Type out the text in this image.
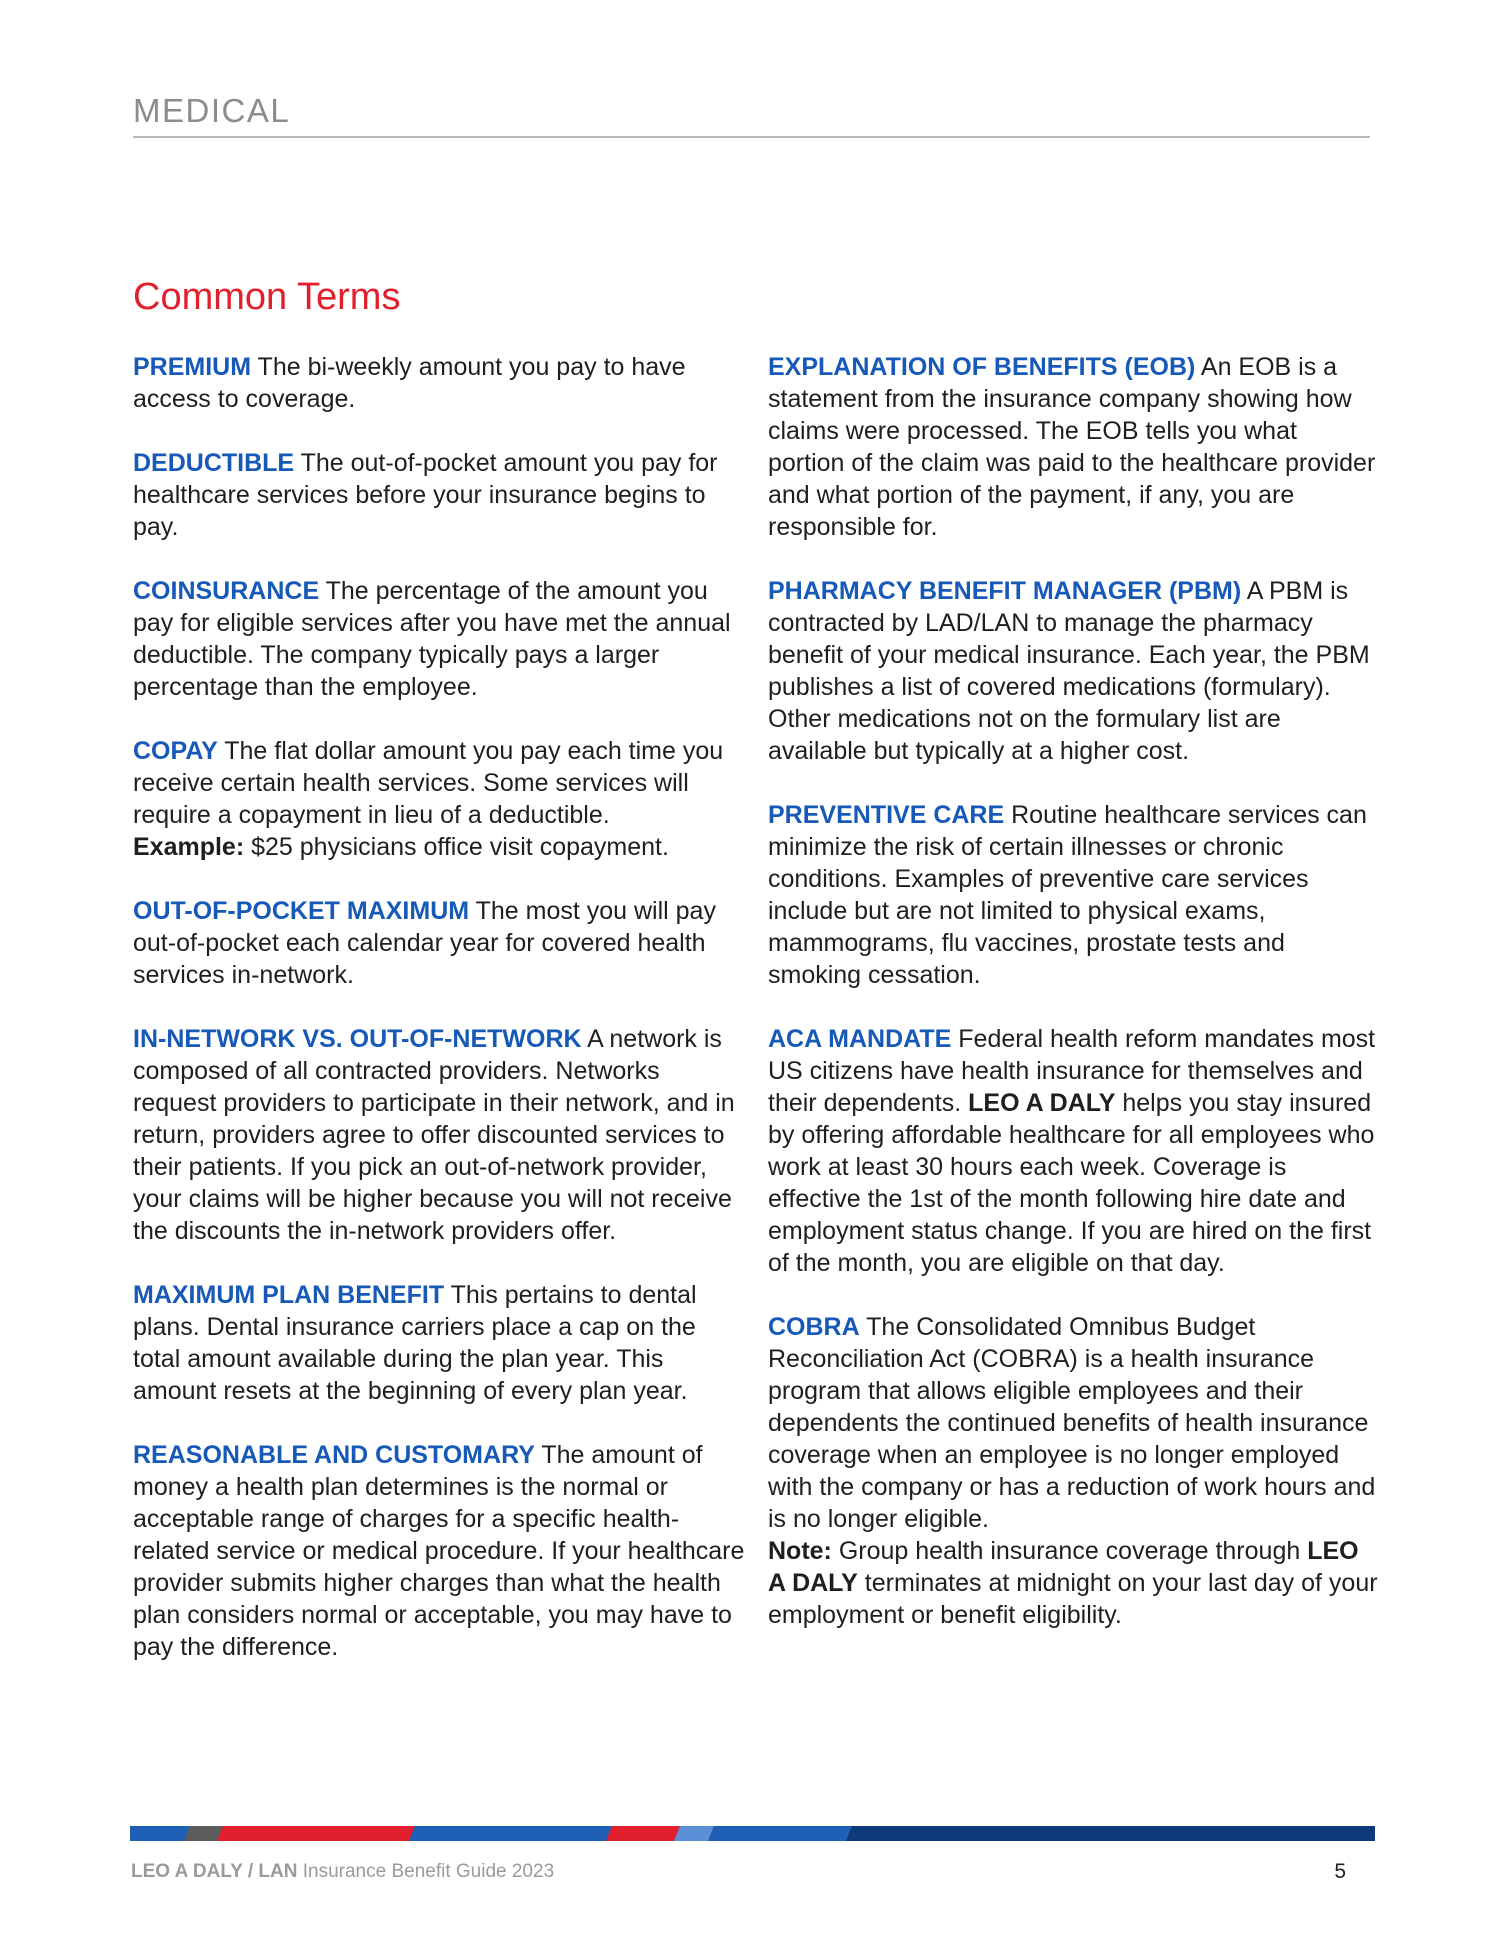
MEDICAL
Common Terms

PREMIUM The bi-weekly amount you pay to have access to coverage.

DEDUCTIBLE The out-of-pocket amount you pay for healthcare services before your insurance begins to pay.

COINSURANCE The percentage of the amount you pay for eligible services after you have met the annual deductible. The company typically pays a larger percentage than the employee.

COPAY The flat dollar amount you pay each time you receive certain health services. Some services will require a copayment in lieu of a deductible.
Example: $25 physicians office visit copayment.

OUT-OF-POCKET MAXIMUM The most you will pay out-of-pocket each calendar year for covered health services in-network.

IN-NETWORK VS. OUT-OF-NETWORK A network is composed of all contracted providers. Networks request providers to participate in their network, and in return, providers agree to offer discounted services to their patients. If you pick an out-of-network provider, your claims will be higher because you will not receive the discounts the in-network providers offer.

MAXIMUM PLAN BENEFIT This pertains to dental plans. Dental insurance carriers place a cap on the total amount available during the plan year. This amount resets at the beginning of every plan year.

REASONABLE AND CUSTOMARY The amount of money a health plan determines is the normal or acceptable range of charges for a specific health-related service or medical procedure. If your healthcare provider submits higher charges than what the health plan considers normal or acceptable, you may have to pay the difference.

EXPLANATION OF BENEFITS (EOB) An EOB is a statement from the insurance company showing how claims were processed. The EOB tells you what portion of the claim was paid to the healthcare provider and what portion of the payment, if any, you are responsible for.

PHARMACY BENEFIT MANAGER (PBM) A PBM is contracted by LAD/LAN to manage the pharmacy benefit of your medical insurance. Each year, the PBM publishes a list of covered medications (formulary). Other medications not on the formulary list are available but typically at a higher cost.

PREVENTIVE CARE Routine healthcare services can minimize the risk of certain illnesses or chronic conditions. Examples of preventive care services include but are not limited to physical exams, mammograms, flu vaccines, prostate tests and smoking cessation.

ACA MANDATE Federal health reform mandates most US citizens have health insurance for themselves and their dependents. LEO A DALY helps you stay insured by offering affordable healthcare for all employees who work at least 30 hours each week. Coverage is effective the 1st of the month following hire date and employment status change. If you are hired on the first of the month, you are eligible on that day.

COBRA The Consolidated Omnibus Budget Reconciliation Act (COBRA) is a health insurance program that allows eligible employees and their dependents the continued benefits of health insurance coverage when an employee is no longer employed with the company or has a reduction of work hours and is no longer eligible.
Note: Group health insurance coverage through LEO A DALY terminates at midnight on your last day of your employment or benefit eligibility.

LEO A DALY / LAN Insurance Benefit Guide 2023	5
